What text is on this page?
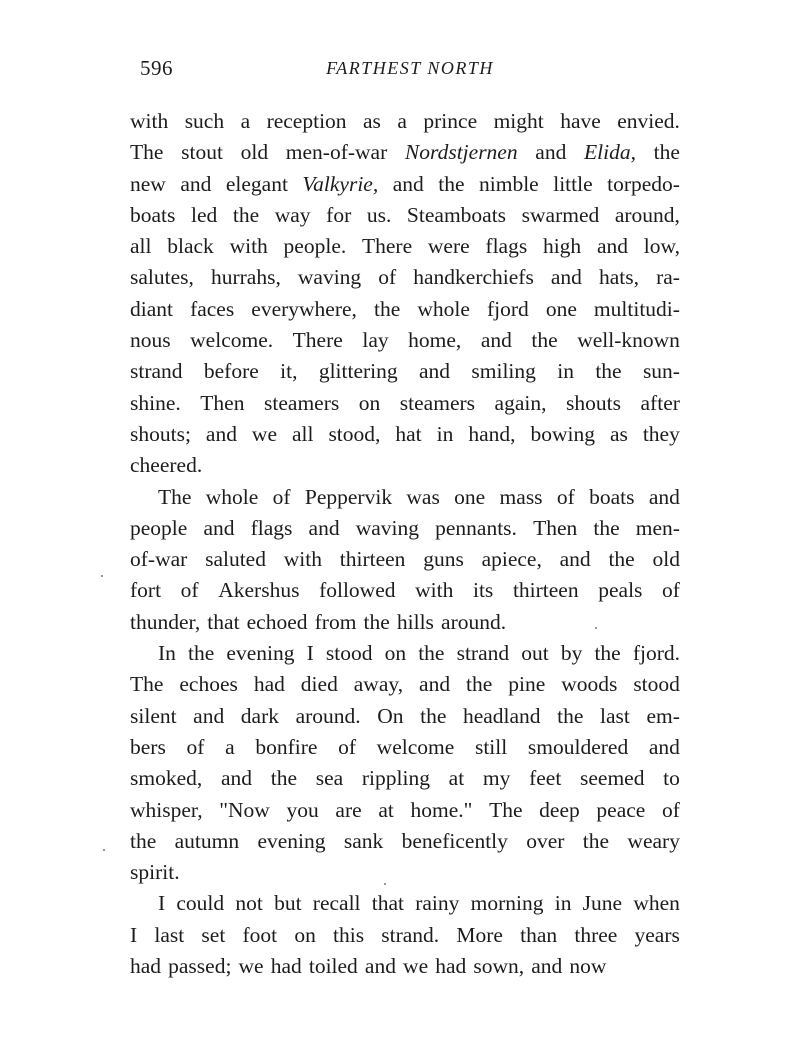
596	FARTHEST NORTH
with such a reception as a prince might have envied.
The stout old men-of-war Nordstjernen and Elida, the
new and elegant Valkyrie, and the nimble little torpedo-
boats led the way for us. Steamboats swarmed around,
all black with people. There were flags high and low,
salutes, hurrahs, waving of handkerchiefs and hats, ra-
diant faces everywhere, the whole fjord one multitudi-
nous welcome. There lay home, and the well-known
strand before it, glittering and smiling in the sun-
shine. Then steamers on steamers again, shouts after
shouts; and we all stood, hat in hand, bowing as they
cheered.
The whole of Peppervik was one mass of boats and
people and flags and waving pennants. Then the men-
of-war saluted with thirteen guns apiece, and the old
fort of Akershus followed with its thirteen peals of
thunder, that echoed from the hills around.
In the evening I stood on the strand out by the fjord.
The echoes had died away, and the pine woods stood
silent and dark around. On the headland the last em-
bers of a bonfire of welcome still smouldered and
smoked, and the sea rippling at my feet seemed to
whisper, "Now you are at home." The deep peace of
the autumn evening sank beneficently over the weary
spirit.
I could not but recall that rainy morning in June when
I last set foot on this strand. More than three years
had passed; we had toiled and we had sown, and now
